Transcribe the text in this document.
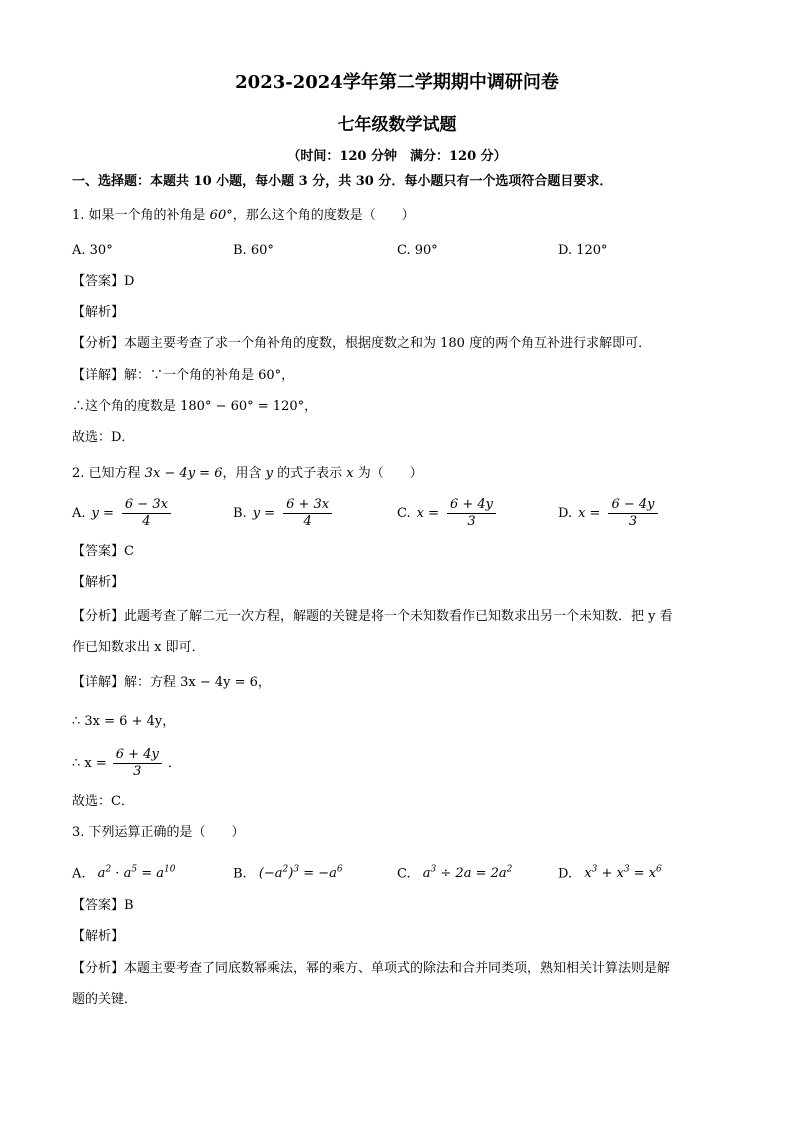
2023-2024学年第二学期期中调研问卷
七年级数学试题
（时间：120 分钟　满分：120 分）
一、选择题：本题共 10 小题，每小题 3 分，共 30 分．每小题只有一个选项符合题目要求．
1. 如果一个角的补角是 60°，那么这个角的度数是（　　）
A. 30°	B. 60°	C. 90°	D. 120°
【答案】D
【解析】
【分析】本题主要考查了求一个角补角的度数，根据度数之和为 180 度的两个角互补进行求解即可．
【详解】解：∵一个角的补角是 60°，
∴这个角的度数是 180° − 60° = 120°，
故选：D．
2. 已知方程 3x − 4y = 6，用含 y 的式子表示 x 为（　　）
A. $y = \frac{6 - 3x}{4}$	B. $y = \frac{6 + 3x}{4}$	C. $x = \frac{6 + 4y}{3}$	D. $x = \frac{6 - 4y}{3}$
【答案】C
【解析】
【分析】此题考查了解二元一次方程，解题的关键是将一个未知数看作已知数求出另一个未知数．把 y 看
作已知数求出 x 即可．
【详解】解：方程 3x − 4y = 6，
∴ 3x = 6 + 4y，
∴ $x = \frac{6 + 4y}{3}$ ．
故选：C．
3. 下列运算正确的是（　　）
A. $a^2 \cdot a^5 = a^{10}$	B. $(-a^2)^3 = -a^6$	C. $a^3 \div 2a = 2a^2$	D. $x^3 + x^3 = x^6$
【答案】B
【解析】
【分析】本题主要考查了同底数幂乘法，幂的乘方、单项式的除法和合并同类项，熟知相关计算法则是解
题的关键．
